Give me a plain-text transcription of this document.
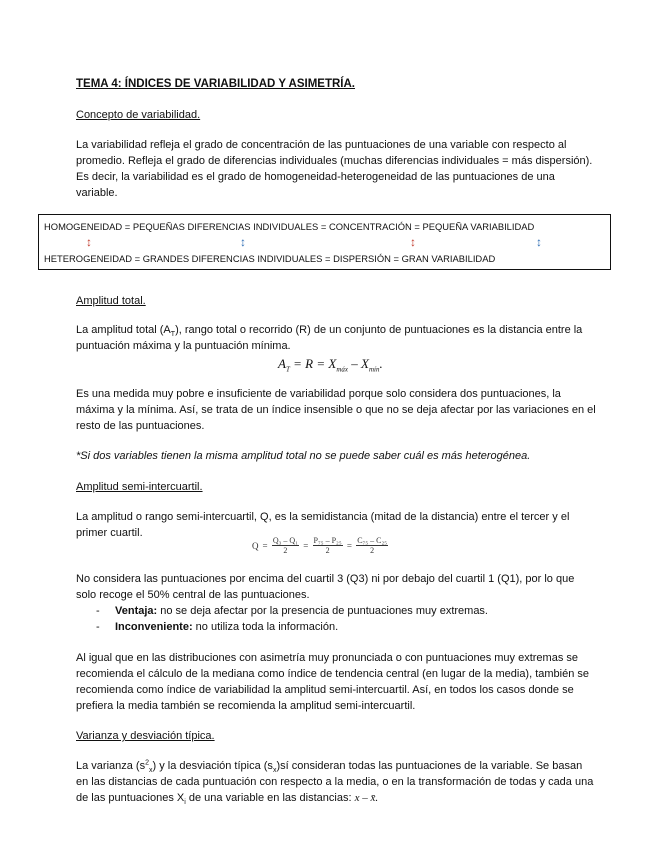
TEMA 4: ÍNDICES DE VARIABILIDAD Y ASIMETRÍA.

Concepto de variabilidad.

La variabilidad refleja el grado de concentración de las puntuaciones de una variable con respecto al promedio. Refleja el grado de diferencias individuales (muchas diferencias individuales = más dispersión). Es decir, la variabilidad es el grado de homogeneidad-heterogeneidad de las puntuaciones de una variable.

HOMOGENEIDAD = PEQUEÑAS DIFERENCIAS INDIVIDUALES = CONCENTRACIÓN = PEQUEÑA VARIABILIDAD
↕	↕	↕	↕
HETEROGENEIDAD = GRANDES DIFERENCIAS INDIVIDUALES = DISPERSIÓN = GRAN VARIABILIDAD

Amplitud total.

La amplitud total $(A_T)$, rango total o recorrido (R) de un conjunto de puntuaciones es la distancia entre la puntuación máxima y la puntuación mínima.

$A_T = R = X_{máx} - X_{mín}$.

Es una medida muy pobre e insuficiente de variabilidad porque solo considera dos puntuaciones, la máxima y la mínima. Así, se trata de un índice insensible o que no se deja afectar por las variaciones en el resto de las puntuaciones.

*Si dos variables tienen la misma amplitud total no se puede saber cuál es más heterogénea.

Amplitud semi-intercuartil.

La amplitud o rango semi-intercuartil, Q, es la semidistancia (mitad de la distancia) entre el tercer y el primer cuartil.

$Q = \frac{\text{Q₃ – Q₁}}{2} = \frac{\text{P₇₅ – P₂₅}}{2} = \frac{\text{C₇₅ – C₂₅}}{2}$

No considera las puntuaciones por encima del cuartil 3 (Q3) ni por debajo del cuartil 1 (Q1), por lo que solo recoge el 50% central de las puntuaciones.

- Ventaja: no se deja afectar por la presencia de puntuaciones muy extremas.
- Inconveniente: no utiliza toda la información.

Al igual que en las distribuciones con asimetría muy pronunciada o con puntuaciones muy extremas se recomienda el cálculo de la mediana como índice de tendencia central (en lugar de la media), también se recomienda como índice de variabilidad la amplitud semi-intercuartil. Así, en todos los casos donde se prefiera la media también se recomienda la amplitud semi-intercuartil.

Varianza y desviación típica.

La varianza $(s^2_x)$ y la desviación típica $(s_x)sí$ consideran todas las puntuaciones de la variable. Se basan en las distancias de cada puntuación con respecto a la media, o en la transformación de todas y cada una de las puntuaciones $X_i$ de una variable en las distancias: x – x̄.
